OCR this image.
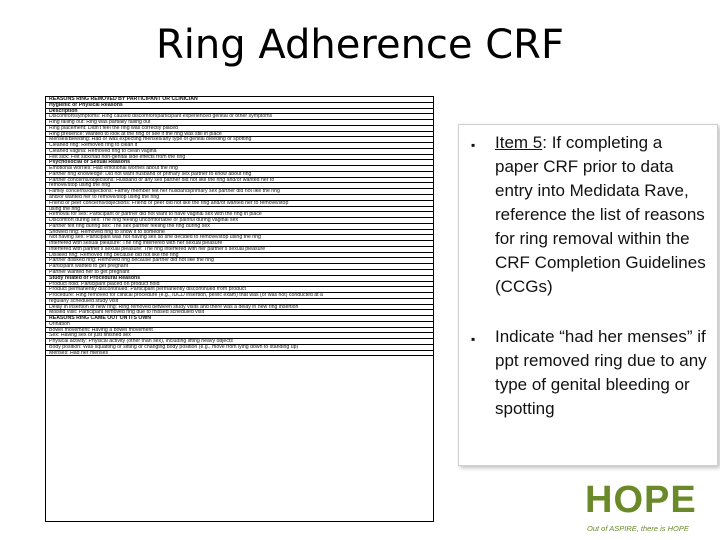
Ring Adherence CRF
REASONS RING REMOVED BY PARTICIPANT OR CLINICIAN
Hygienic or Physical Reasons
Description
Discomfort/symptoms: Ring caused discomfort/participant experienced genital or other symptoms
Ring falling out: Ring was partially falling out
Ring placement: Didn't feel the ring was correctly placed
Ring presence: Wanted to look at the ring or see if the ring was still in place
Menses/Bleeding: Had or was expecting menses/any type of genital bleeding or spotting
Cleaned ring: Removed ring to clean it
Cleaned vagina: Removed ring to clean vagina
Felt sick: Felt sick/had non-genital side effects from the ring
Psychosocial or Sexual Reasons
Emotional worries: Had emotional worries about the ring
Partner ring knowledge: Did not want husband or primary sex partner to know about ring
Partner concerns/objections: Husband or any sex partner did not like the ring and/or wanted her to
remove/stop using the ring
Family concerns/objections: Family member felt her husband/primary sex partner did not like the ring
and/or wanted her to remove/stop using the ring
Friend or peer concerns/objections: Friend or peer did not like the ring and/or wanted her to remove/stop
using the ring
Removal for sex: Participant or partner did not want to have vaginal sex with the ring in place
Discomfort during sex: The ring feeling uncomfortable or painful during vaginal sex
Partner felt ring during sex: The sex partner feeling the ring during sex
Showed ring: Removed ring to show it to someone
Not having sex: Participant was not having sex so she decided to remove/stop using the ring
Interfered with sexual pleasure: The ring interfered with her sexual pleasure
Interfered with partner's sexual pleasure: The ring interfered with her partner's sexual pleasure
Disliked ring: Removed ring because did not like the ring
Partner disliked ring: Removed ring because partner did not like the ring
Participant wanted to get pregnant
Partner wanted her to get pregnant
Study related or Procedural Reasons
Product hold: Participant placed on product hold
Product permanently discontinued: Participant permanently discontinued from product
Procedure: Ring removed for clinical procedure (e.g., IUCD insertion, pelvic exam) that was (or was not) conducted at a
regularly scheduled study visit
Delay in insertion of new ring: Ring removed between study visits and there was a delay in new ring insertion
Missed visit: Participant removed ring due to missed scheduled visit
REASONS RING CAME OUT ON ITS OWN
Urination
Bowel movement: Having a bowel movement
Sex: Having sex or just finished sex
Physical activity: Physical activity (other than sex), including lifting heavy objects
Body position: Was squatting or sitting or changing body position (e.g., move from lying down to standing up)
Menses: Had her menses
▪	Item 5: If completing a paper CRF prior to data entry into Medidata Rave, reference the list of reasons for ring removal within the CRF Completion Guidelines (CCGs)
▪	Indicate “had her menses” if ppt removed ring due to any type of genital bleeding or spotting
HOPE
Out of ASPIRE, there is HOPE
